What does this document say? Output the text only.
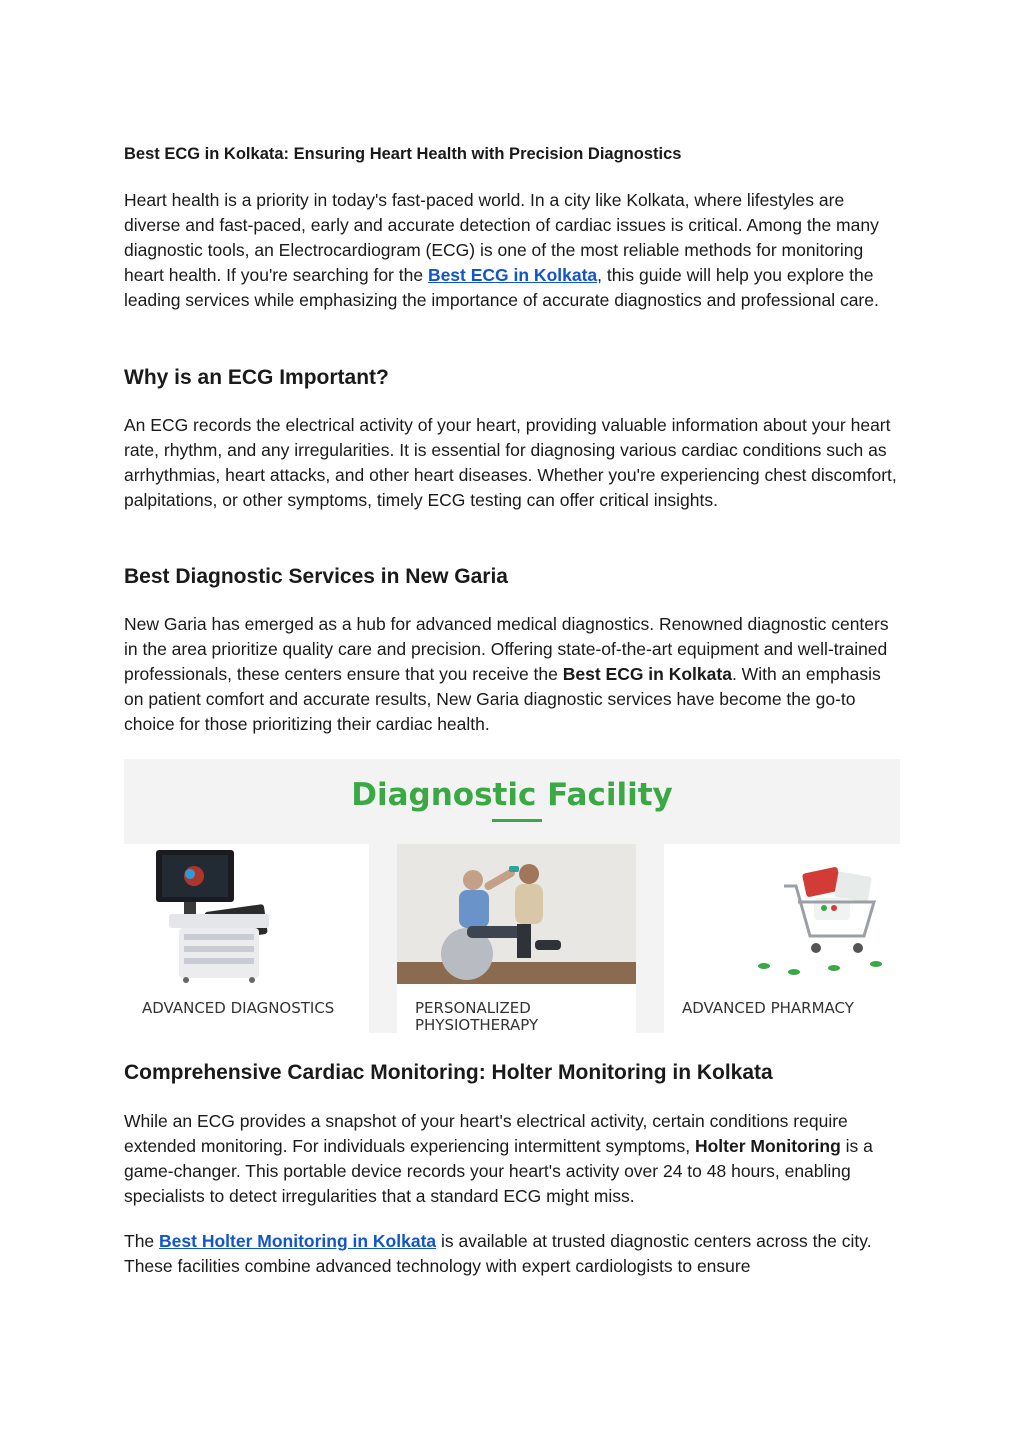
Best ECG in Kolkata: Ensuring Heart Health with Precision Diagnostics

Heart health is a priority in today's fast-paced world. In a city like Kolkata, where lifestyles are diverse and fast-paced, early and accurate detection of cardiac issues is critical. Among the many diagnostic tools, an Electrocardiogram (ECG) is one of the most reliable methods for monitoring heart health. If you're searching for the Best ECG in Kolkata, this guide will help you explore the leading services while emphasizing the importance of accurate diagnostics and professional care.

Why is an ECG Important?

An ECG records the electrical activity of your heart, providing valuable information about your heart rate, rhythm, and any irregularities. It is essential for diagnosing various cardiac conditions such as arrhythmias, heart attacks, and other heart diseases. Whether you're experiencing chest discomfort, palpitations, or other symptoms, timely ECG testing can offer critical insights.

Best Diagnostic Services in New Garia

New Garia has emerged as a hub for advanced medical diagnostics. Renowned diagnostic centers in the area prioritize quality care and precision. Offering state-of-the-art equipment and well-trained professionals, these centers ensure that you receive the Best ECG in Kolkata. With an emphasis on patient comfort and accurate results, New Garia diagnostic services have become the go-to choice for those prioritizing their cardiac health.

Comprehensive Cardiac Monitoring: Holter Monitoring in Kolkata

While an ECG provides a snapshot of your heart's electrical activity, certain conditions require extended monitoring. For individuals experiencing intermittent symptoms, Holter Monitoring is a game-changer. This portable device records your heart's activity over 24 to 48 hours, enabling specialists to detect irregularities that a standard ECG might miss.

The Best Holter Monitoring in Kolkata is available at trusted diagnostic centers across the city. These facilities combine advanced technology with expert cardiologists to ensure

Diagnostic Facility
ADVANCED DIAGNOSTICS	PERSONALIZED PHYSIOTHERAPY
ADVANCED PHARMACY
